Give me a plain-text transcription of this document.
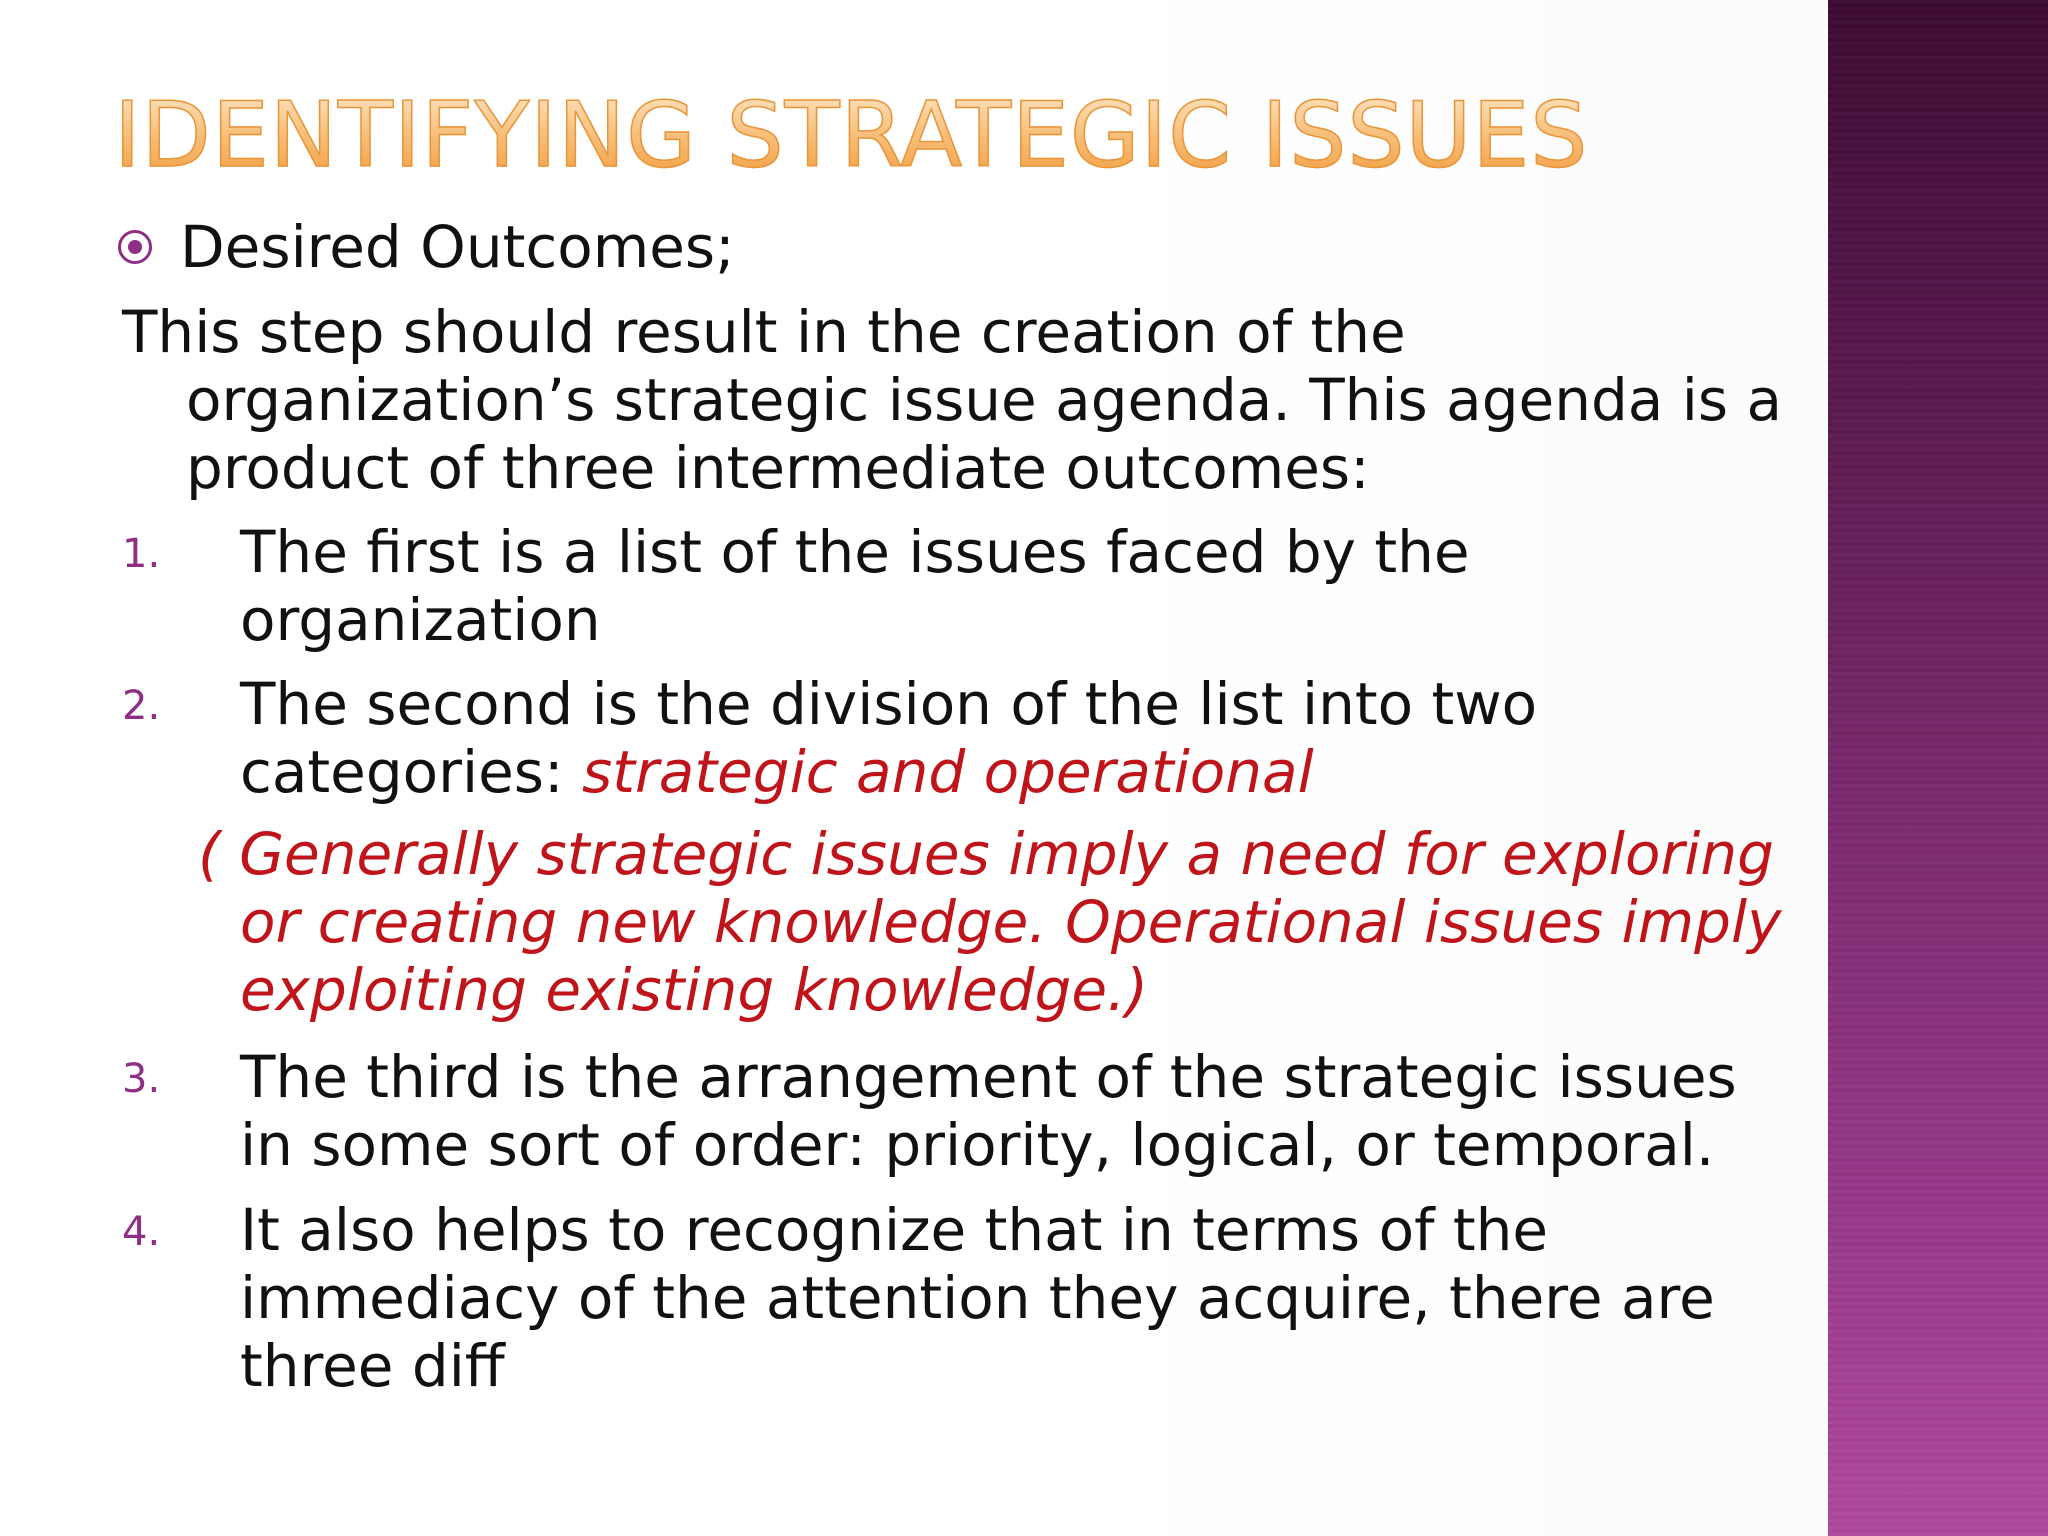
IDENTIFYING STRATEGIC ISSUES
Desired Outcomes;

This step should result in the creation of the organization’s strategic issue agenda. This agenda is a product of three intermediate outcomes:

1. The first is a list of the issues faced by the organization
2. The second is the division of the list into two categories: strategic and operational

( Generally strategic issues imply a need for exploring or creating new knowledge. Operational issues imply exploiting existing knowledge.)

3. The third is the arrangement of the strategic issues in some sort of order: priority, logical, or temporal.
4. It also helps to recognize that in terms of the immediacy of the attention they acquire, there are three diff
